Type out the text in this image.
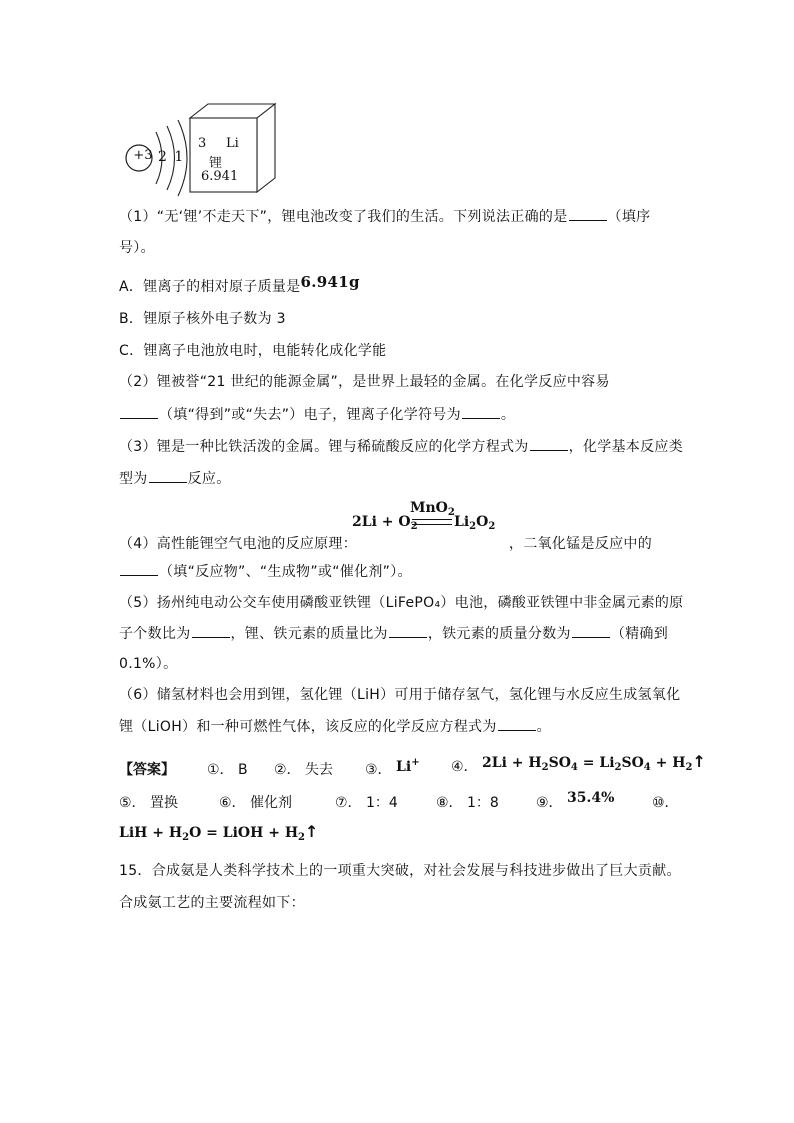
+3 2 1
3 Li
锂
6.941
（1）“无‘锂’不走天下”，锂电池改变了我们的生活。下列说法正确的是	（填序
号）。
A．锂离子的相对原子质量是6.941g
B．锂原子核外电子数为 3
C．锂离子电池放电时，电能转化成化学能
（2）锂被誉“21 世纪的能源金属”，是世界上最轻的金属。在化学反应中容易
（填“得到”或“失去”）电子，锂离子化学符号为	。
（3）锂是一种比铁活泼的金属。锂与稀硫酸反应的化学方程式为	，化学基本反应类
型为	反应。
MnO$_2$
$2Li + O_2$	$Li_2O_2$
（4）高性能锂空气电池的反应原理：	，二氧化锰是反应中的
（填“反应物”、“生成物”或“催化剂”）。
（5）扬州纯电动公交车使用磷酸亚铁锂（LiFePO₄）电池，磷酸亚铁锂中非金属元素的原
子个数比为	，锂、铁元素的质量比为	，铁元素的质量分数为	（精确到
0.1%）。
（6）储氢材料也会用到锂，氢化锂（LiH）可用于储存氢气，氢化锂与水反应生成氢氧化
锂（LiOH）和一种可燃性气体，该反应的化学反应方程式为	。
【答案】 ①． B ②． 失去 ③． Li+ ④． $2Li + H_2SO_4 = Li_2SO_4$ + $H_2↑$
⑤． 置换	⑥． 催化剂	⑦． 1：4	⑧． 1：8	⑨． 35.4%	⑩．
LiH + $H_2O$ = LiOH + $H_2↑$
15．合成氨是人类科学技术上的一项重大突破，对社会发展与科技进步做出了巨大贡献。
合成氨工艺的主要流程如下：
